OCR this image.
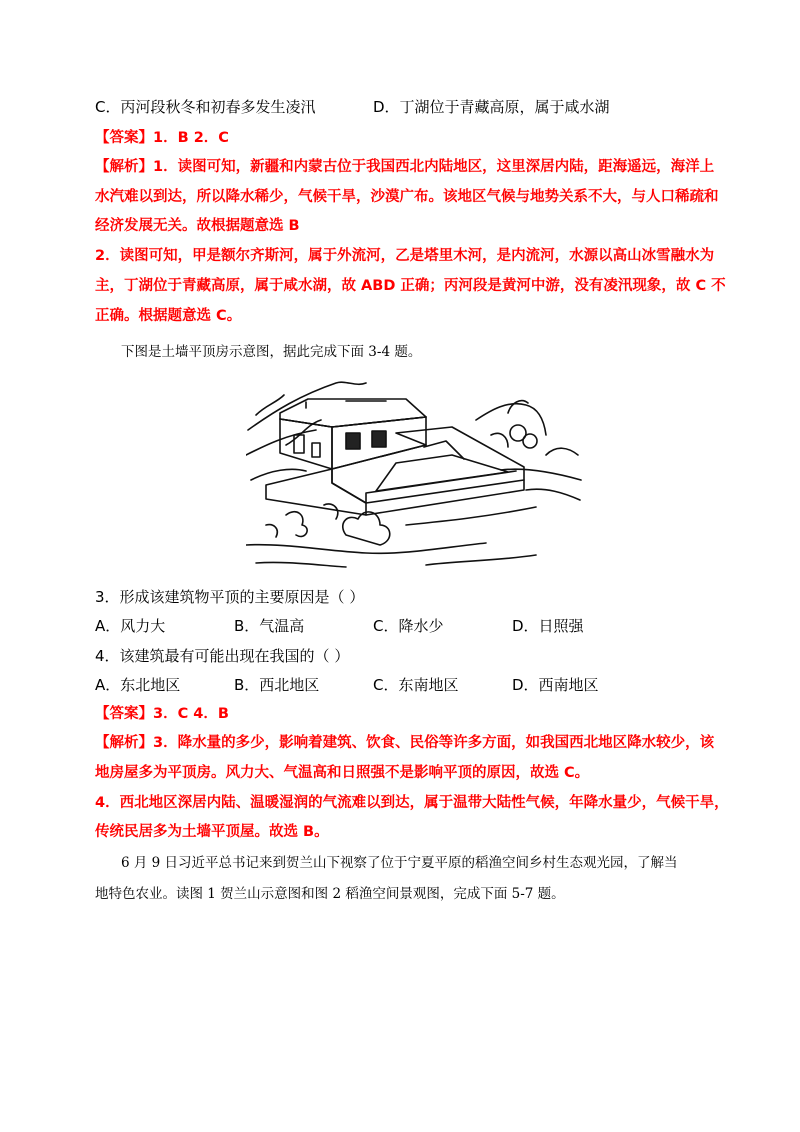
C．丙河段秋冬和初春多发生凌汛	D．丁湖位于青藏高原，属于咸水湖
【答案】1．B 2．C
【解析】1．读图可知，新疆和内蒙古位于我国西北内陆地区，这里深居内陆，距海遥远，海洋上
水汽难以到达，所以降水稀少，气候干旱，沙漠广布。该地区气候与地势关系不大，与人口稀疏和
经济发展无关。故根据题意选 B
2．读图可知，甲是额尔齐斯河，属于外流河，乙是塔里木河，是内流河，水源以高山冰雪融水为
主，丁湖位于青藏高原，属于咸水湖，故 ABD 正确；丙河段是黄河中游，没有凌汛现象，故 C 不
正确。根据题意选 C。
下图是土墙平顶房示意图，据此完成下面 3-4 题。
3．形成该建筑物平顶的主要原因是（ ）
A．风力大	B．气温高	C．降水少	D．日照强
4．该建筑最有可能出现在我国的（ ）
A．东北地区	B．西北地区	C．东南地区	D．西南地区
【答案】3．C 4．B
【解析】3．降水量的多少，影响着建筑、饮食、民俗等许多方面，如我国西北地区降水较少，该
地房屋多为平顶房。风力大、气温高和日照强不是影响平顶的原因，故选 C。
4．西北地区深居内陆、温暖湿润的气流难以到达，属于温带大陆性气候，年降水量少，气候干旱，
传统民居多为土墙平顶屋。故选 B。
6 月 9 日习近平总书记来到贺兰山下视察了位于宁夏平原的稻渔空间乡村生态观光园，了解当
地特色农业。读图 1 贺兰山示意图和图 2 稻渔空间景观图，完成下面 5-7 题。
